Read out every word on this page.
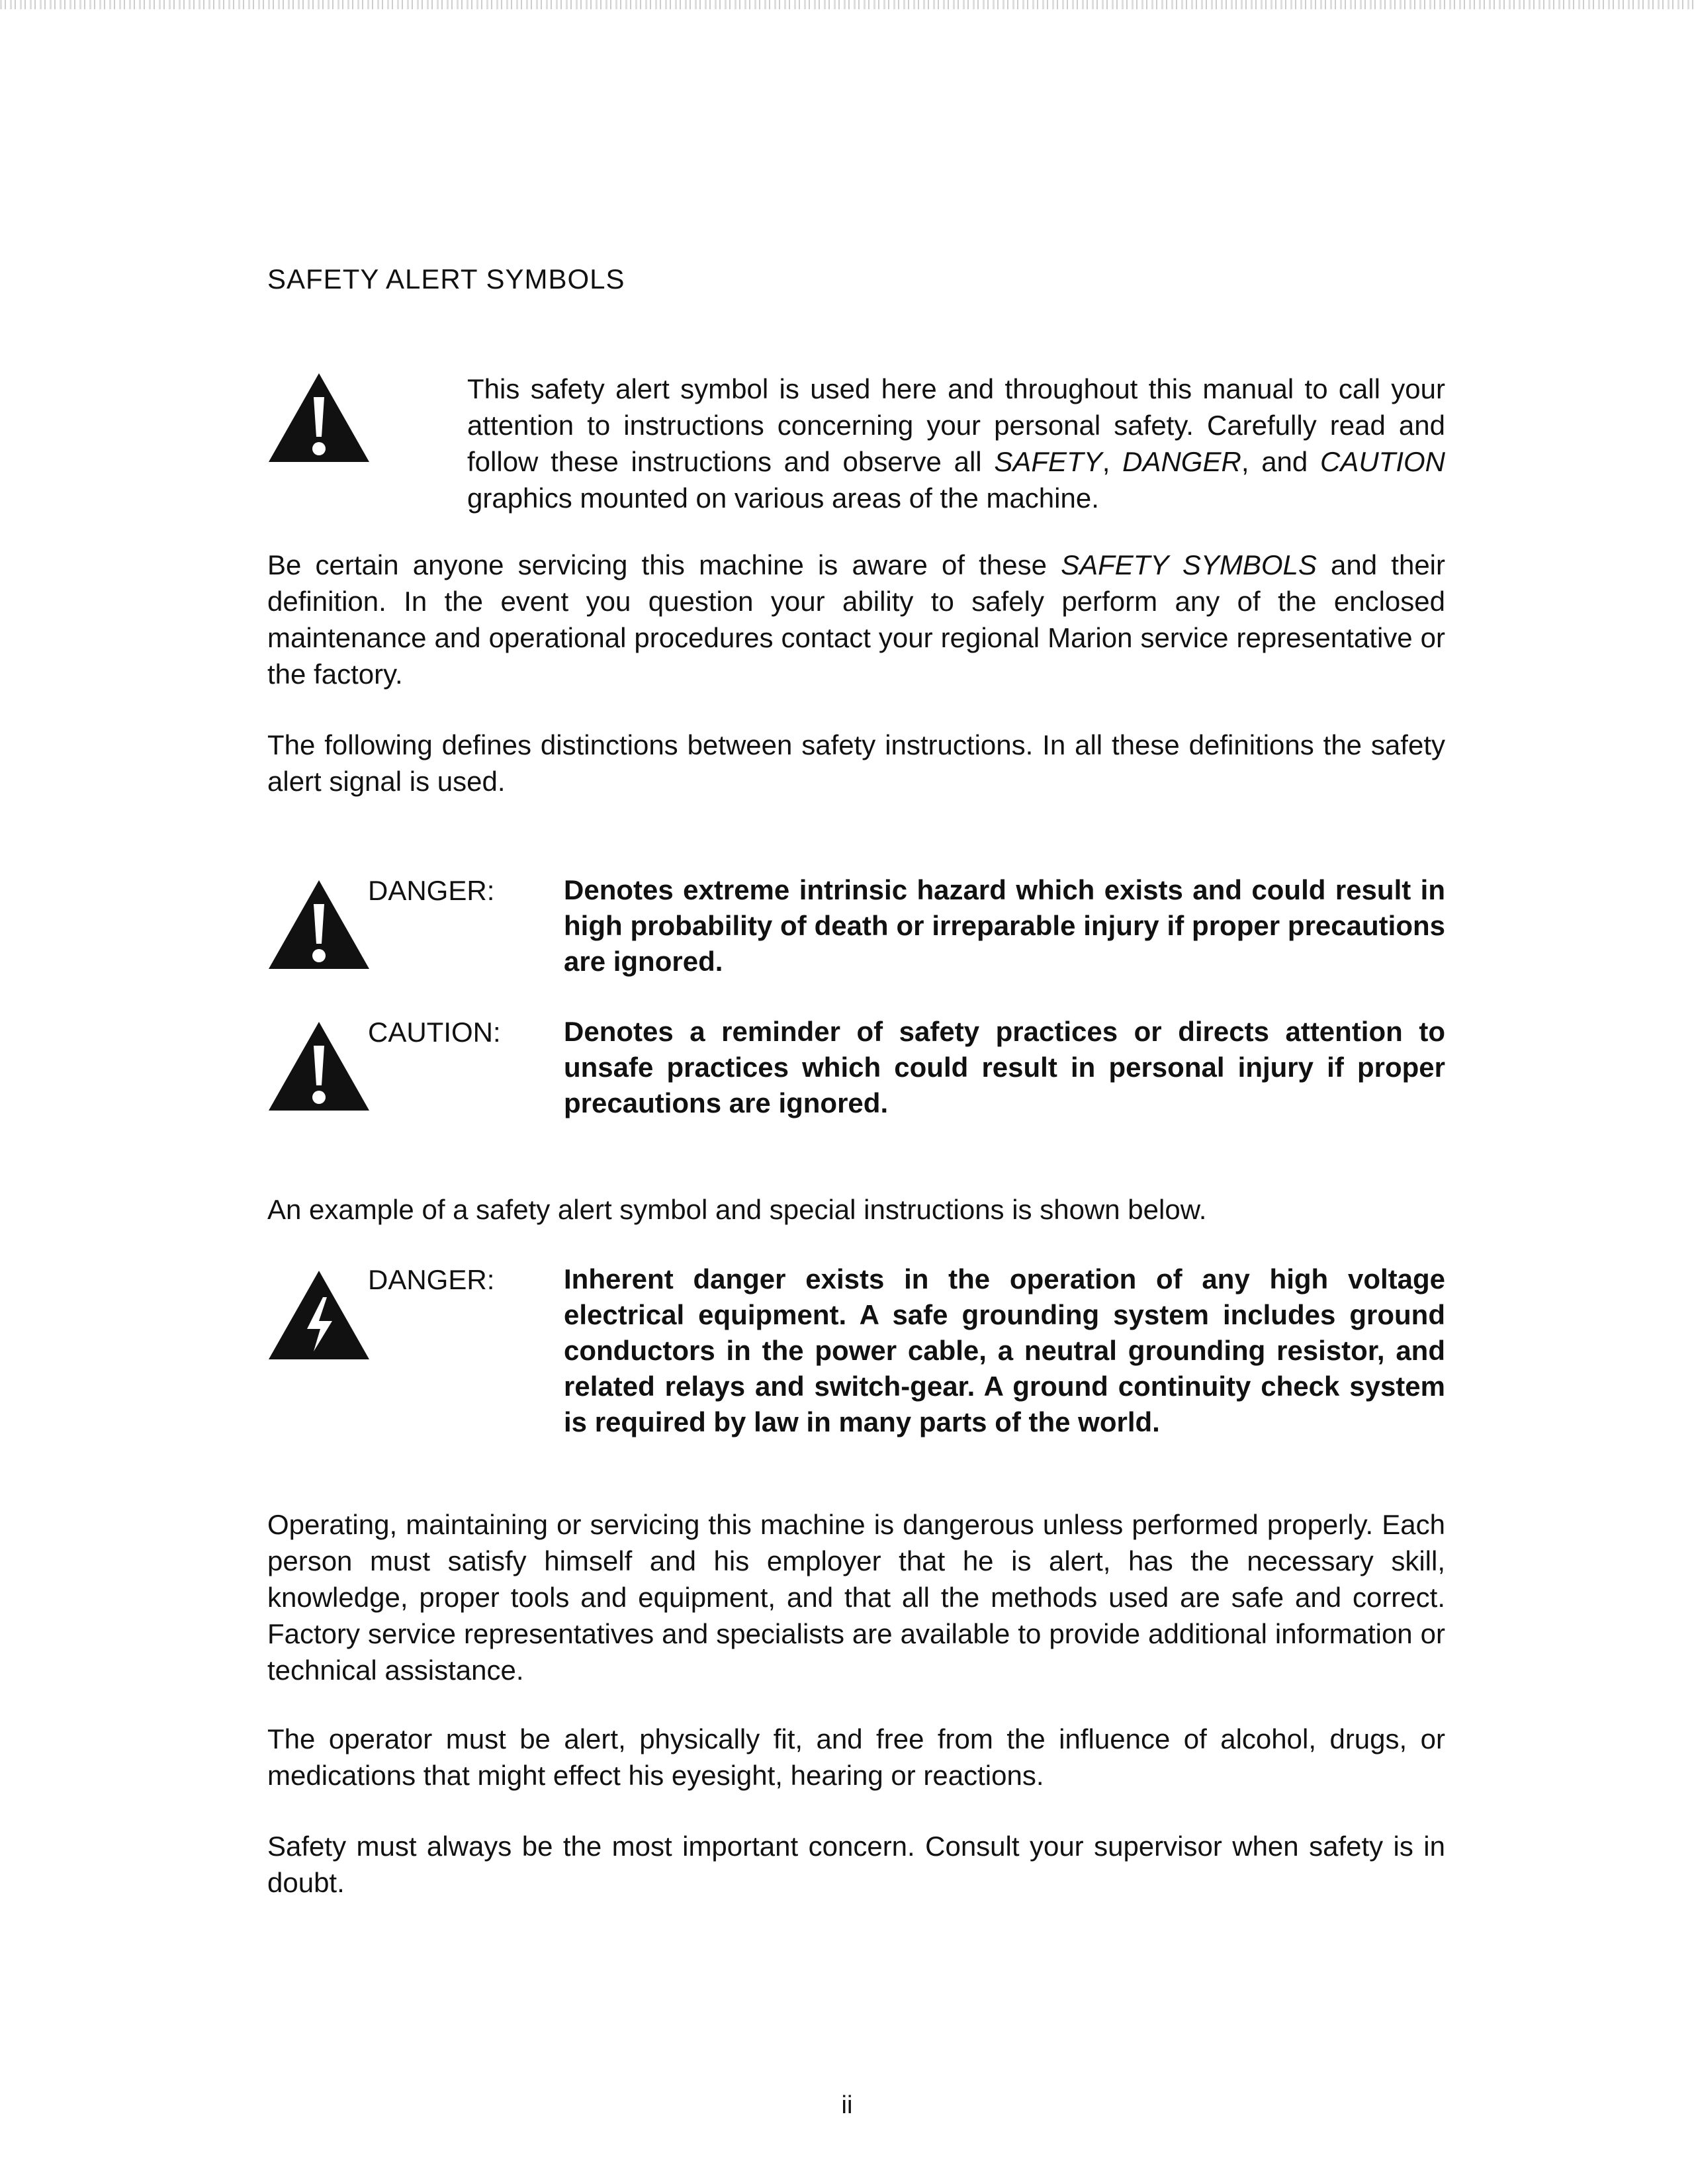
SAFETY ALERT SYMBOLS

This safety alert symbol is used here and throughout this manual to call your attention to instructions concerning your personal safety. Carefully read and follow these instructions and observe all SAFETY, DANGER, and CAUTION graphics mounted on various areas of the machine.

Be certain anyone servicing this machine is aware of these SAFETY SYMBOLS and their definition. In the event you question your ability to safely perform any of the enclosed maintenance and operational procedures contact your regional Marion service representative or the factory.

The following defines distinctions between safety instructions. In all these definitions the safety alert signal is used.

DANGER: Denotes extreme intrinsic hazard which exists and could result in high probability of death or irreparable injury if proper precautions are ignored.

CAUTION: Denotes a reminder of safety practices or directs attention to unsafe practices which could result in personal injury if proper precautions are ignored.

An example of a safety alert symbol and special instructions is shown below.

DANGER: Inherent danger exists in the operation of any high voltage electrical equipment. A safe grounding system includes ground conductors in the power cable, a neutral grounding resistor, and related relays and switch-gear. A ground continuity check system is required by law in many parts of the world.

Operating, maintaining or servicing this machine is dangerous unless performed properly. Each person must satisfy himself and his employer that he is alert, has the necessary skill, knowledge, proper tools and equipment, and that all the methods used are safe and correct. Factory service representatives and specialists are available to provide additional information or technical assistance.

The operator must be alert, physically fit, and free from the influence of alcohol, drugs, or medications that might effect his eyesight, hearing or reactions.

Safety must always be the most important concern. Consult your supervisor when safety is in doubt.

ii
